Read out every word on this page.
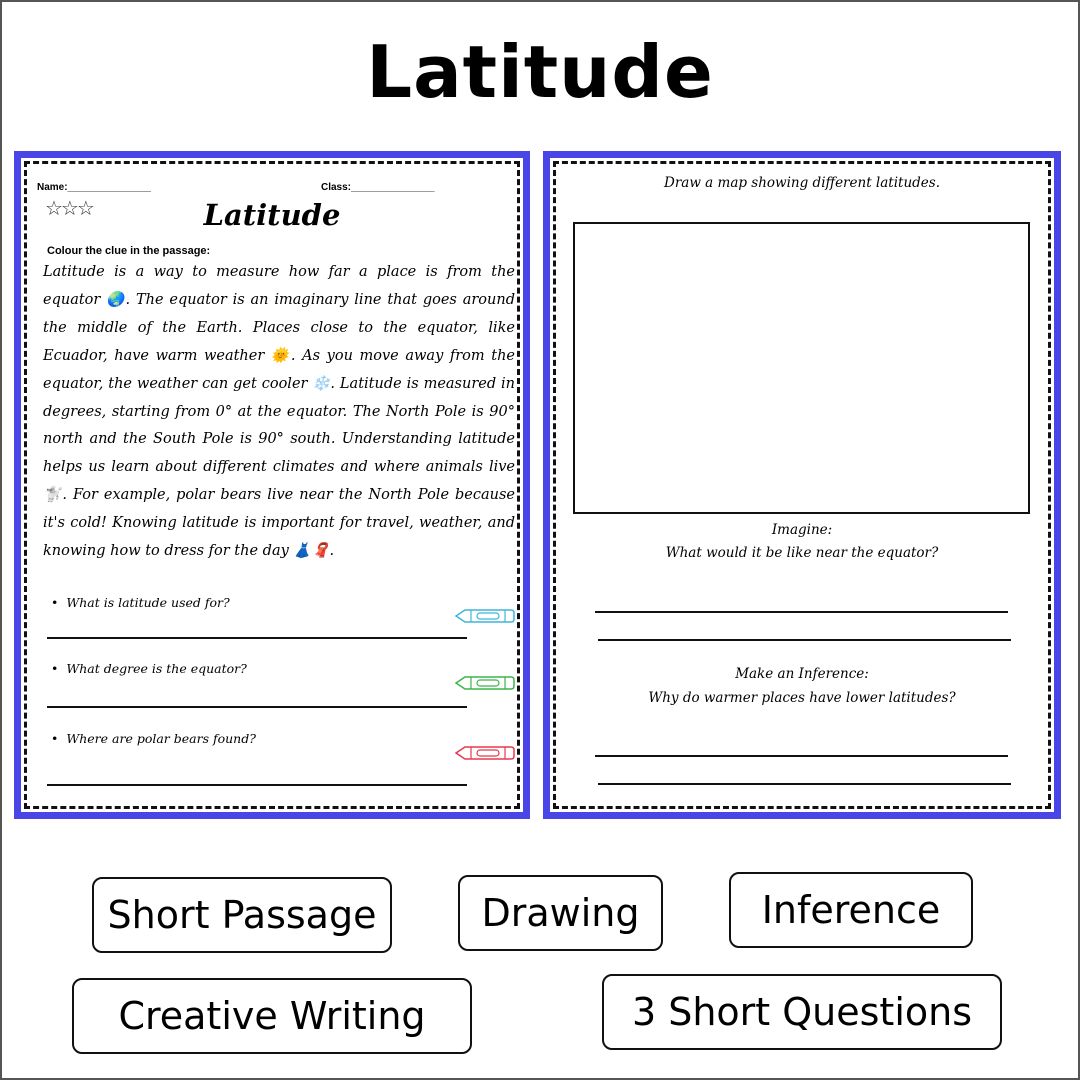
Latitude
Name:_______________	Class:_______________
☆☆☆	Latitude
Colour the clue in the passage:
Latitude is a way to measure how far a place is from the equator 🌏. The equator is an imaginary line that goes around the middle of the Earth. Places close to the equator, like Ecuador, have warm weather 🌞. As you move away from the equator, the weather can get cooler ❄️. Latitude is measured in degrees, starting from 0° at the equator. The North Pole is 90° north and the South Pole is 90° south. Understanding latitude helps us learn about different climates and where animals live 🐩. For example, polar bears live near the North Pole because it's cold! Knowing latitude is important for travel, weather, and knowing how to dress for the day 👗🧣.
• What is latitude used for?
• What degree is the equator?
• Where are polar bears found?
Draw a map showing different latitudes.
Imagine:
What would it be like near the equator?
Make an Inference:
Why do warmer places have lower latitudes?
Short Passage	Drawing	Inference
Creative Writing	3 Short Questions
